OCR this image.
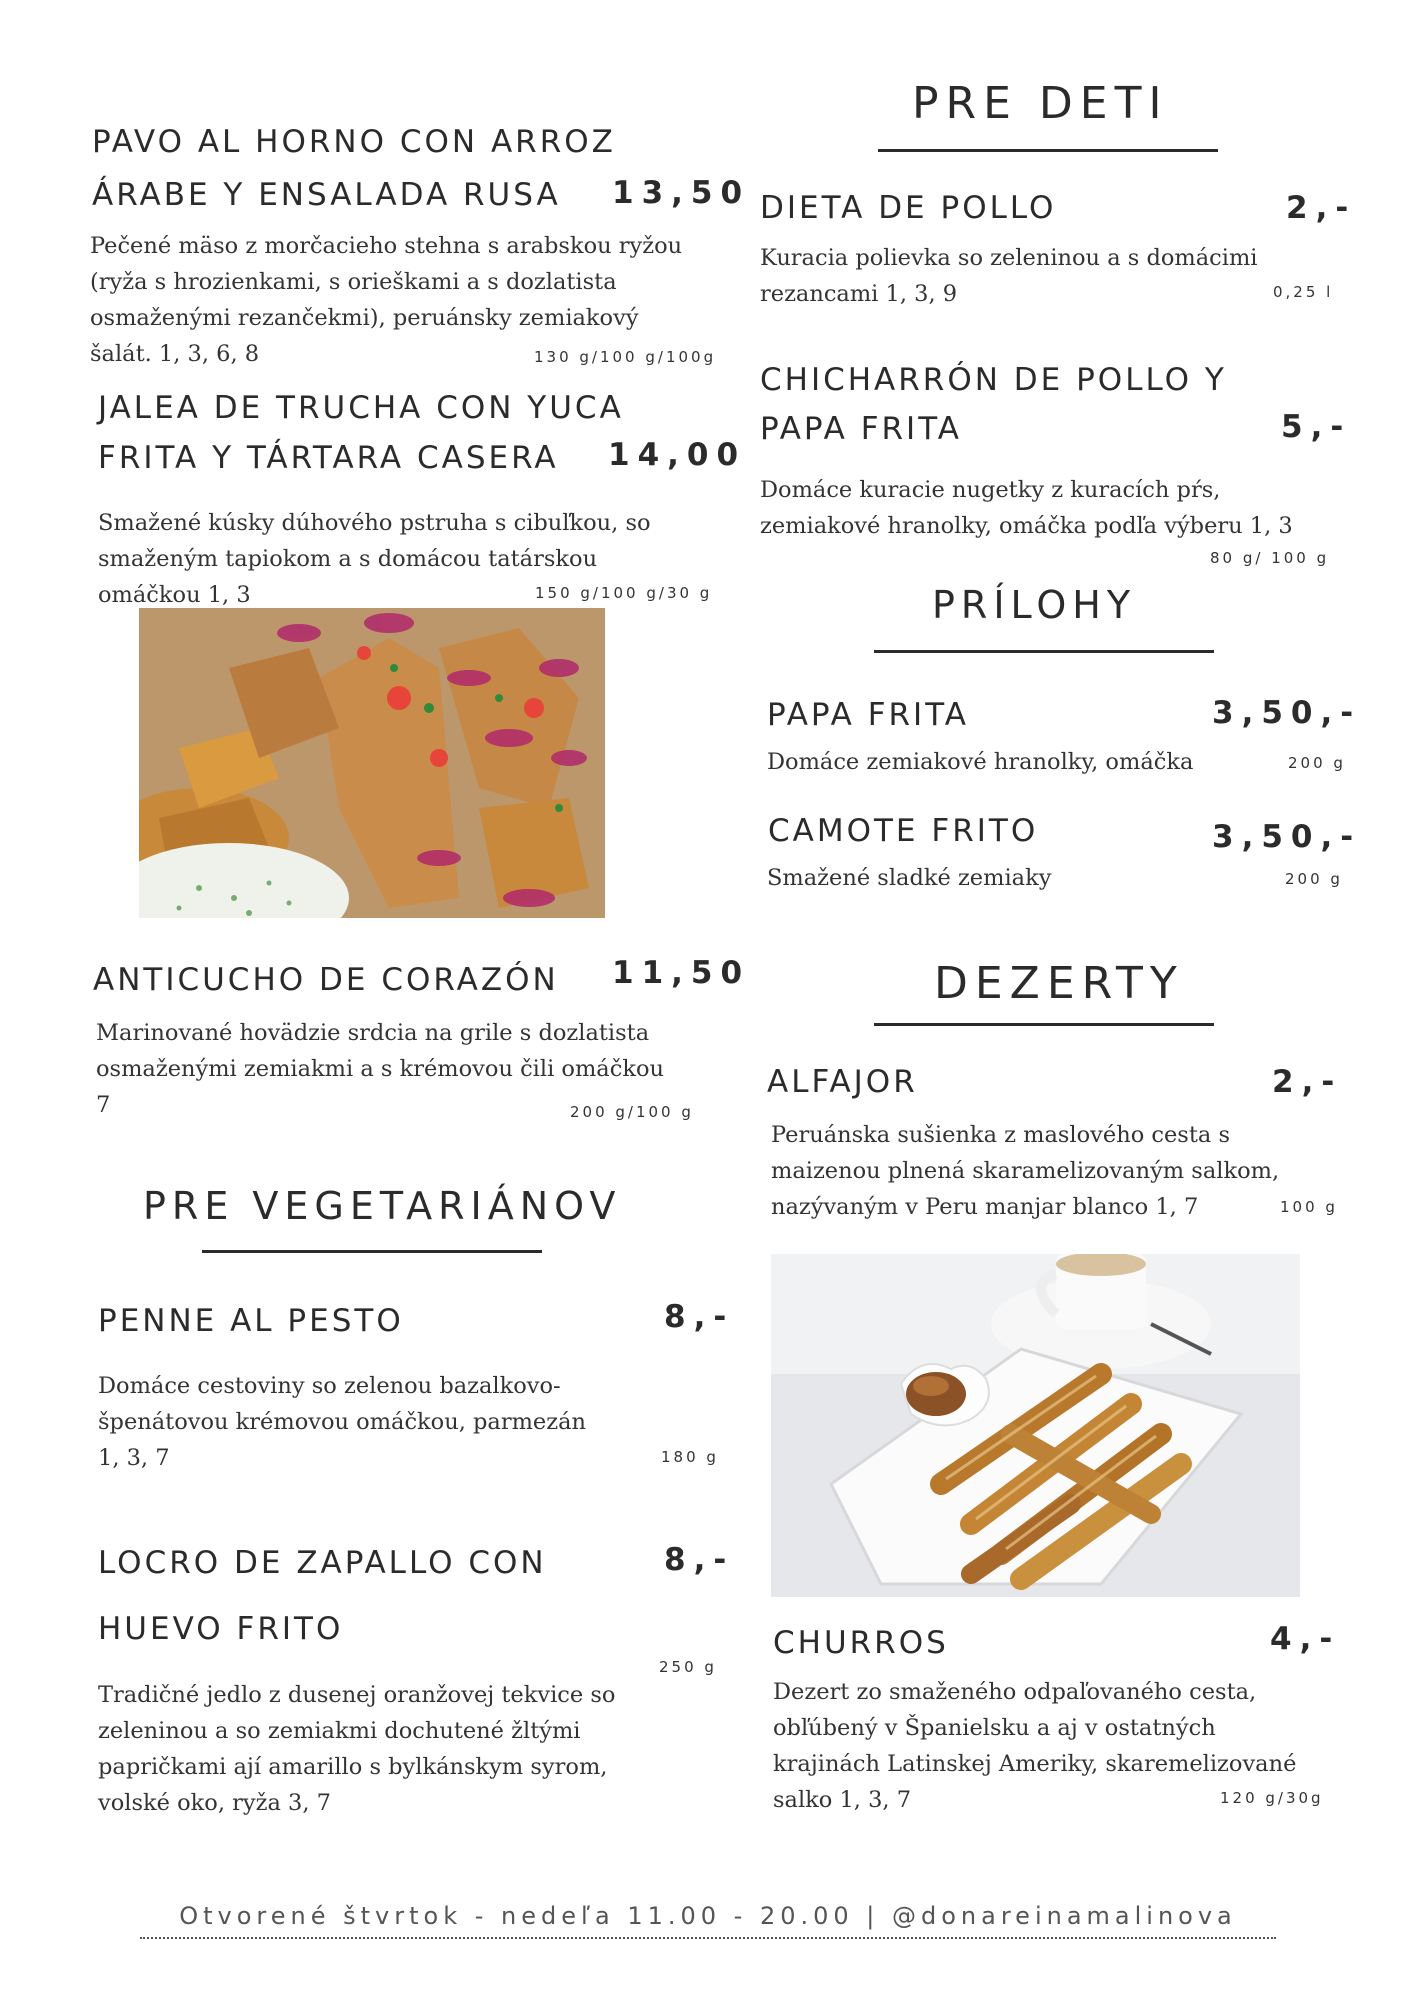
PAVO AL HORNO CON ARROZ
ÁRABE Y ENSALADA RUSA 13,50
Pečené mäso z morčacieho stehna s arabskou ryžou
(ryža s hrozienkami, s orieškami a s dozlatista
osmaženými rezančekmi), peruánsky zemiakový
šalát. 1, 3, 6, 8	130 g/100 g/100g
JALEA DE TRUCHA CON YUCA
FRITA Y TÁRTARA CASERA 14,00
Smažené kúsky dúhového pstruha s cibuľkou, so
smaženým tapiokom a s domácou tatárskou
omáčkou 1, 3	150 g/100 g/30 g
ANTICUCHO DE CORAZÓN 11,50
Marinované hovädzie srdcia na grile s dozlatista
osmaženými zemiakmi a s krémovou čili omáčkou
7	200 g/100 g
PRE VEGETARIÁNOV
PENNE AL PESTO	8,-
Domáce cestoviny so zelenou bazalkovo-
špenátovou krémovou omáčkou, parmezán
1, 3, 7	180 g
LOCRO DE ZAPALLO CON	8,-
HUEVO FRITO
250 g
Tradičné jedlo z dusenej oranžovej tekvice so
zeleninou a so zemiakmi dochutené žltými
papričkami ají amarillo s bylkánskym syrom,
volské oko, ryža 3, 7
PRE DETI
DIETA DE POLLO	2,-
Kuracia polievka so zeleninou a s domácimi
rezancami 1, 3, 9	0,25 l
CHICHARRÓN DE POLLO Y
PAPA FRITA	5,-
Domáce kuracie nugetky z kuracích pŕs,
zemiakové hranolky, omáčka podľa výberu 1, 3
80 g/ 100 g
PRÍLOHY
PAPA FRITA	3,50,-
Domáce zemiakové hranolky, omáčka	200 g
CAMOTE FRITO	3,50,-
Smažené sladké zemiaky	200 g
DEZERTY
ALFAJOR	2,-
Peruánska sušienka z maslového cesta s
maizenou plnená skaramelizovaným salkom,
nazývaným v Peru manjar blanco 1, 7	100 g
CHURROS	4,-
Dezert zo smaženého odpaľovaného cesta,
obľúbený v Španielsku a aj v ostatných
krajinách Latinskej Ameriky, skaremelizované
salko 1, 3, 7	120 g/30g
Otvorené štvrtok - nedeľa 11.00 - 20.00 | @donareinamalinova
